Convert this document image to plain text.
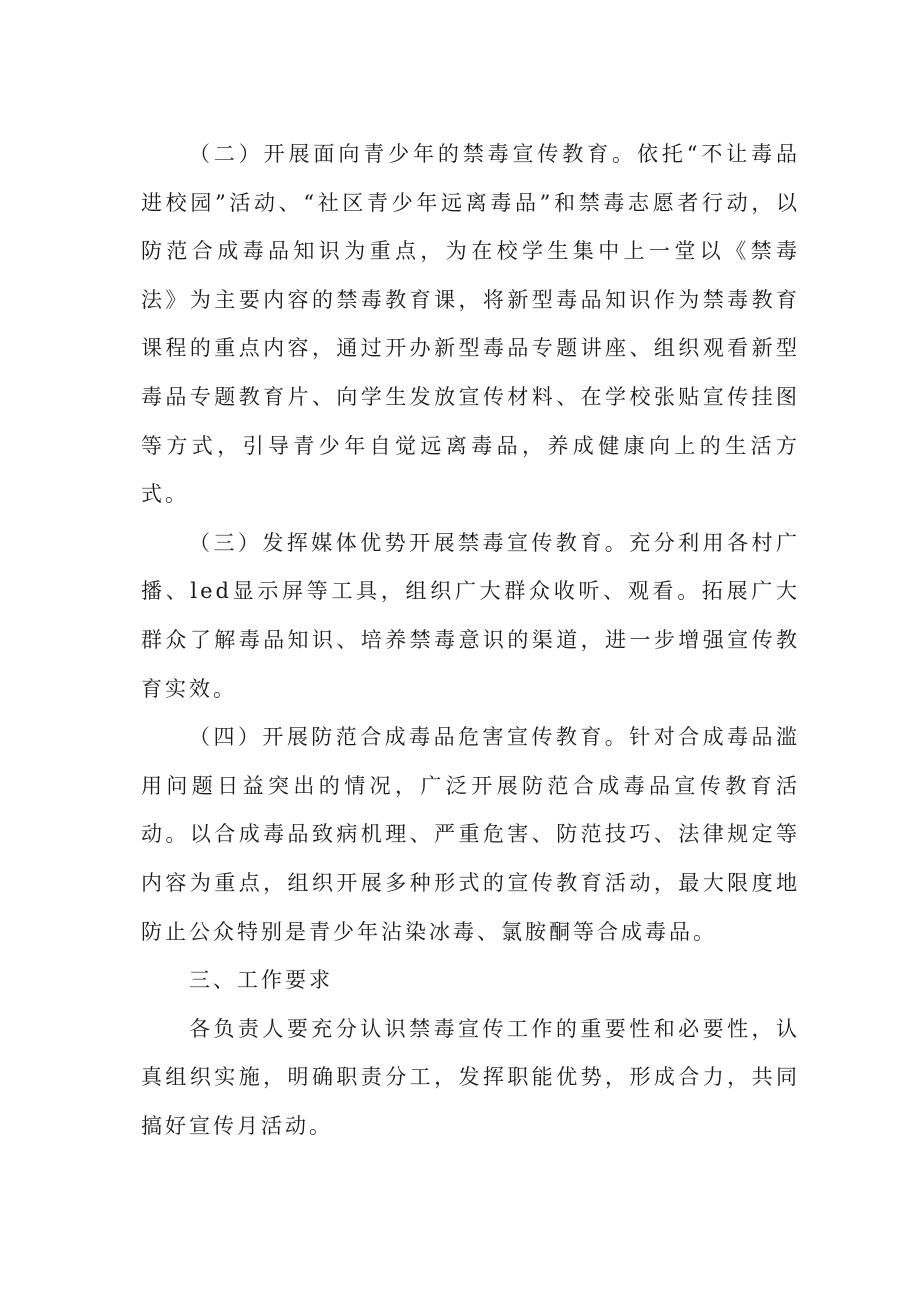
（二）开展面向青少年的禁毒宣传教育。依托“不让毒品进校园”活动、“社区青少年远离毒品”和禁毒志愿者行动，以防范合成毒品知识为重点，为在校学生集中上一堂以《禁毒法》为主要内容的禁毒教育课，将新型毒品知识作为禁毒教育课程的重点内容，通过开办新型毒品专题讲座、组织观看新型毒品专题教育片、向学生发放宣传材料、在学校张贴宣传挂图等方式，引导青少年自觉远离毒品，养成健康向上的生活方式。

（三）发挥媒体优势开展禁毒宣传教育。充分利用各村广播、led显示屏等工具，组织广大群众收听、观看。拓展广大群众了解毒品知识、培养禁毒意识的渠道，进一步增强宣传教育实效。

（四）开展防范合成毒品危害宣传教育。针对合成毒品滥用问题日益突出的情况，广泛开展防范合成毒品宣传教育活动。以合成毒品致病机理、严重危害、防范技巧、法律规定等内容为重点，组织开展多种形式的宣传教育活动，最大限度地防止公众特别是青少年沾染冰毒、氯胺酮等合成毒品。

三、工作要求

各负责人要充分认识禁毒宣传工作的重要性和必要性，认真组织实施，明确职责分工，发挥职能优势，形成合力，共同搞好宣传月活动。
